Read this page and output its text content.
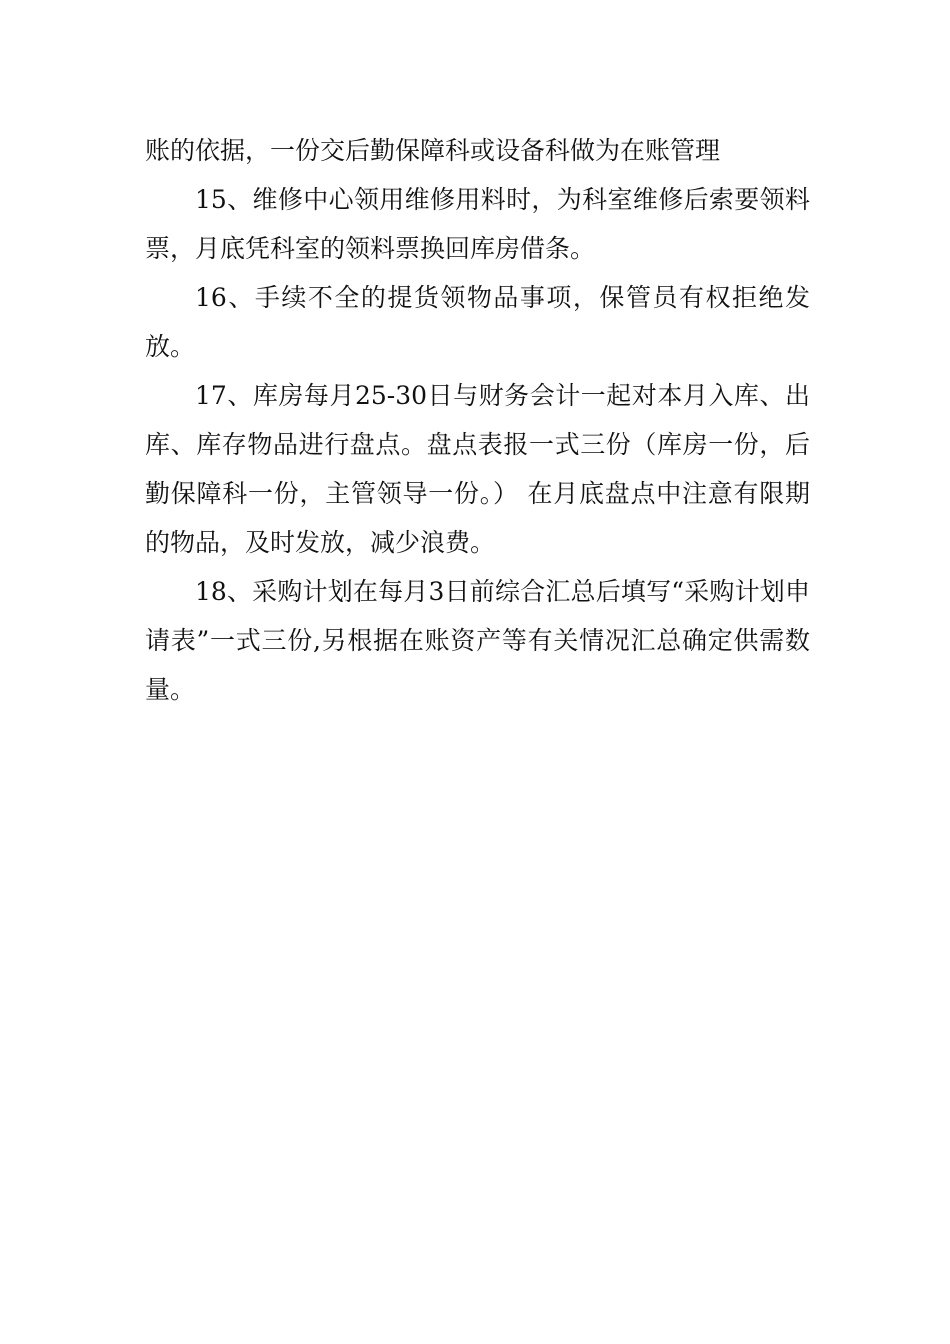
账的依据，一份交后勤保障科或设备科做为在账管理

15、维修中心领用维修用料时，为科室维修后索要领料票，月底凭科室的领料票换回库房借条。

16、手续不全的提货领物品事项，保管员有权拒绝发放。

17、库房每月25-30日与财务会计一起对本月入库、出库、库存物品进行盘点。盘点表报一式三份（库房一份，后勤保障科一份，主管领导一份。） 在月底盘点中注意有限期的物品，及时发放，减少浪费。

18、采购计划在每月3日前综合汇总后填写“采购计划申请表”一式三份,另根据在账资产等有关情况汇总确定供需数量。
